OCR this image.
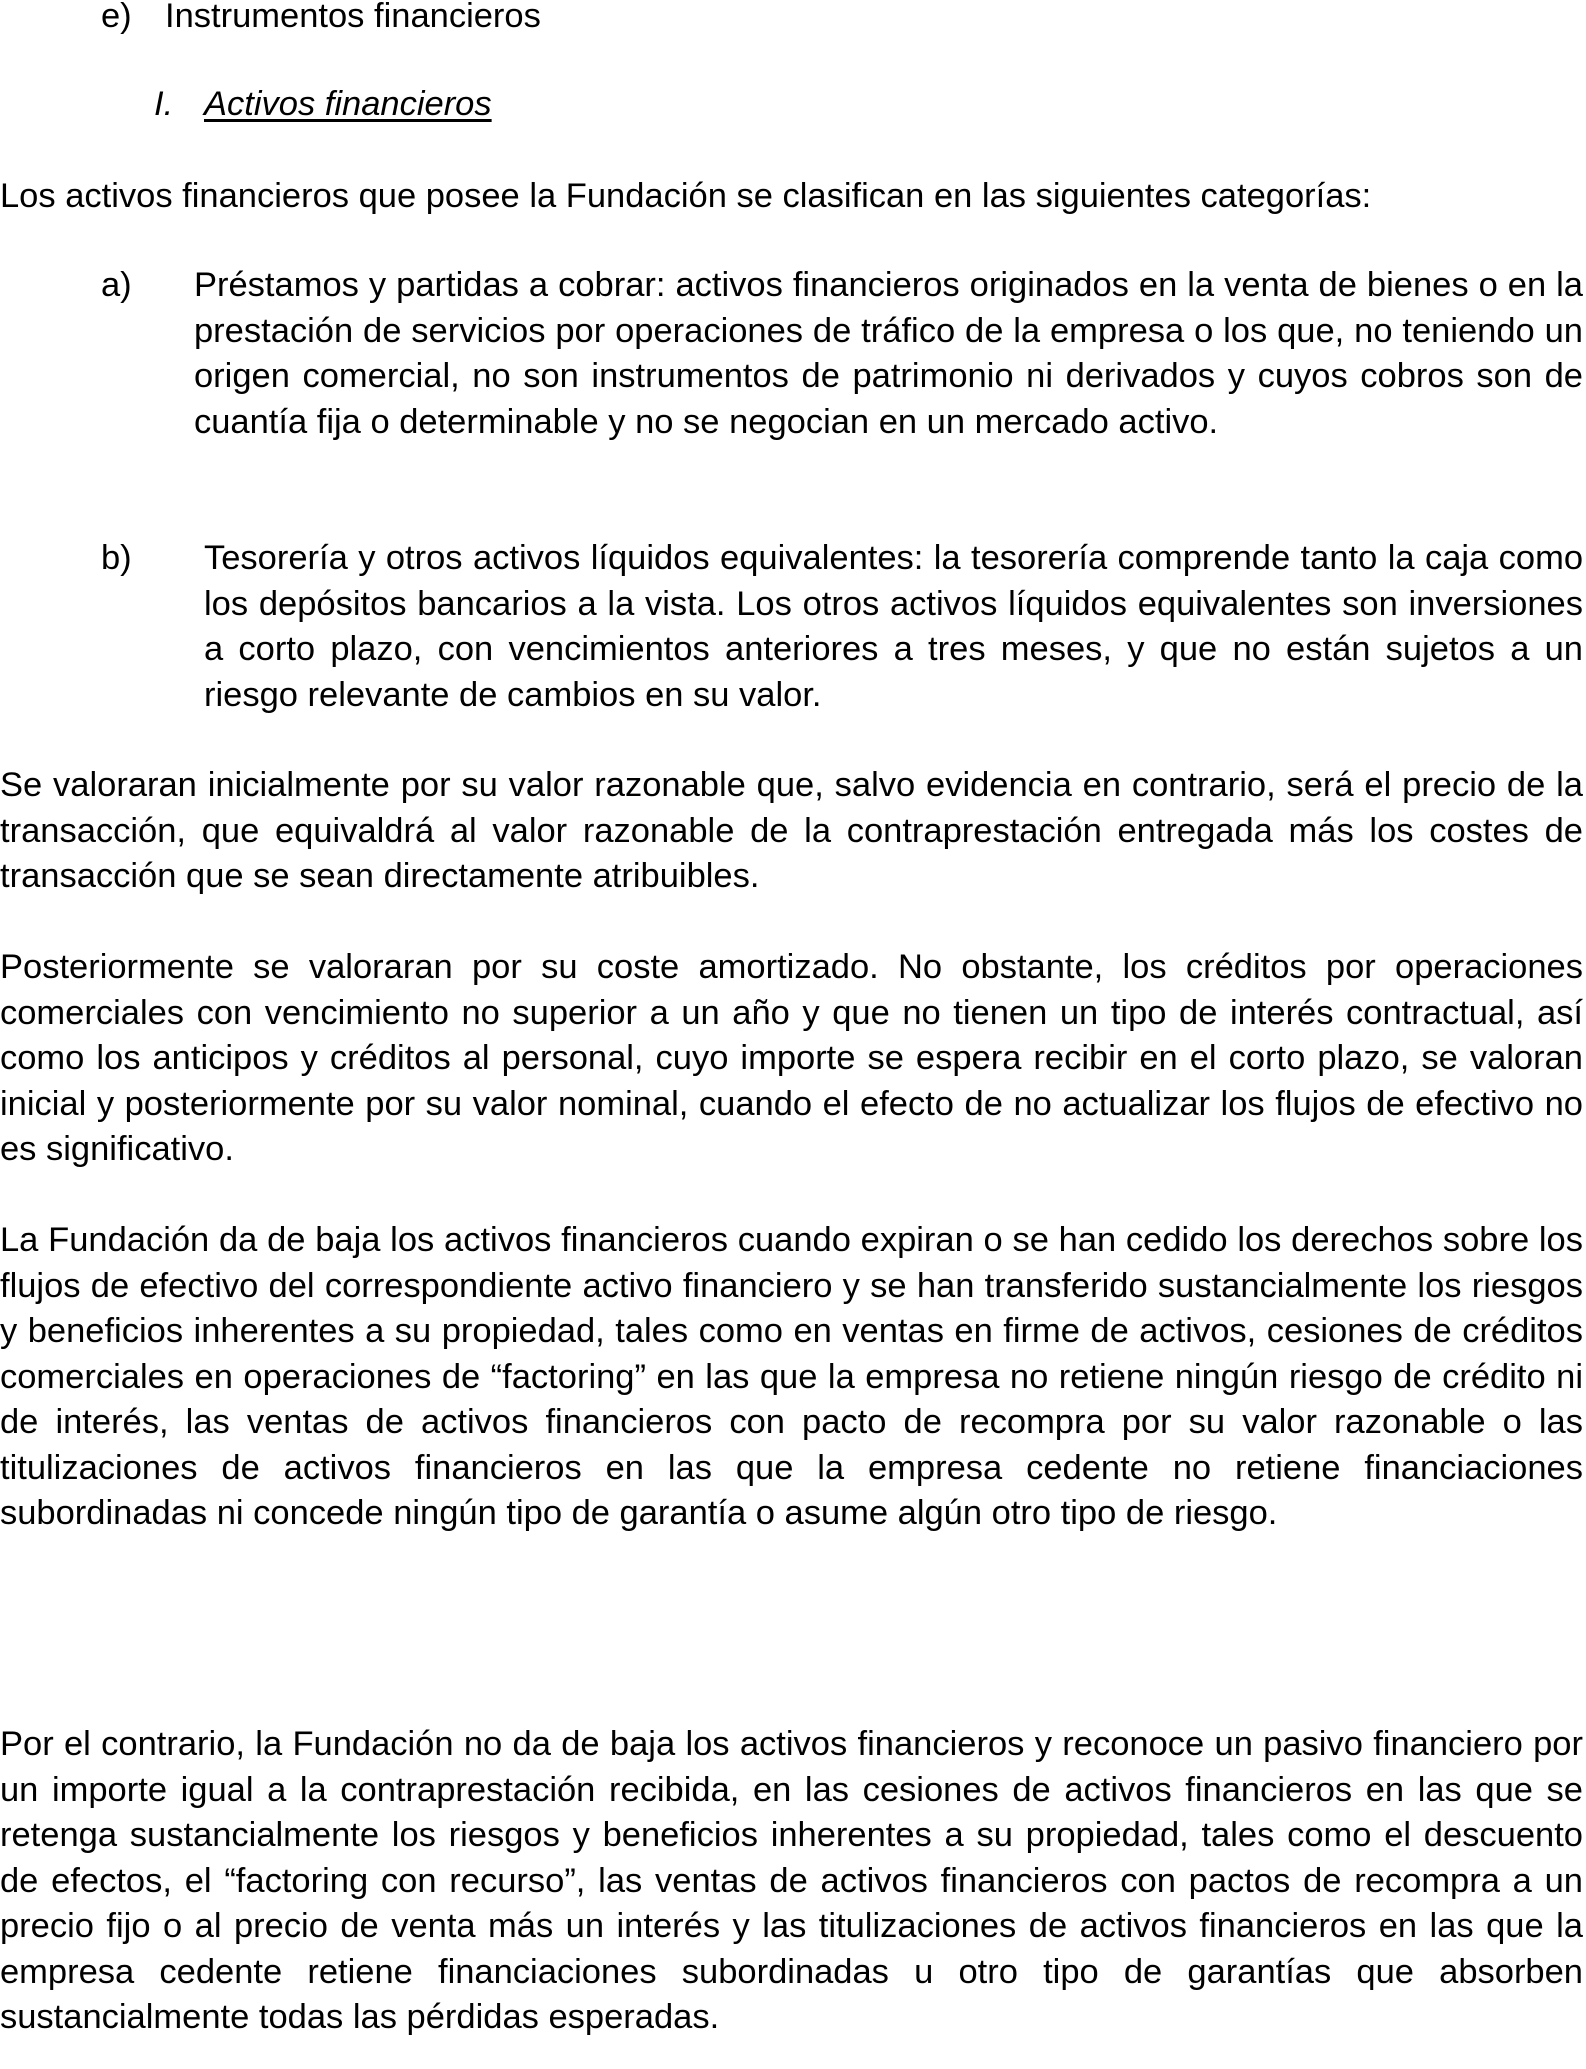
e) Instrumentos financieros
I. Activos financieros
Los activos financieros que posee la Fundación se clasifican en las siguientes categorías:
a) Préstamos y partidas a cobrar: activos financieros originados en la venta de bienes o en la prestación de servicios por operaciones de tráfico de la empresa o los que, no teniendo un origen comercial, no son instrumentos de patrimonio ni derivados y cuyos cobros son de cuantía fija o determinable y no se negocian en un mercado activo.
b) Tesorería y otros activos líquidos equivalentes: la tesorería comprende tanto la caja como los depósitos bancarios a la vista. Los otros activos líquidos equivalentes son inversiones a corto plazo, con vencimientos anteriores a tres meses, y que no están sujetos a un riesgo relevante de cambios en su valor.
Se valoraran inicialmente por su valor razonable que, salvo evidencia en contrario, será el precio de la transacción, que equivaldrá al valor razonable de la contraprestación entregada más los costes de transacción que se sean directamente atribuibles.
Posteriormente se valoraran por su coste amortizado. No obstante, los créditos por operaciones comerciales con vencimiento no superior a un año y que no tienen un tipo de interés contractual, así como los anticipos y créditos al personal, cuyo importe se espera recibir en el corto plazo, se valoran inicial y posteriormente por su valor nominal, cuando el efecto de no actualizar los flujos de efectivo no es significativo.
La Fundación da de baja los activos financieros cuando expiran o se han cedido los derechos sobre los flujos de efectivo del correspondiente activo financiero y se han transferido sustancialmente los riesgos y beneficios inherentes a su propiedad, tales como en ventas en firme de activos, cesiones de créditos comerciales en operaciones de “factoring” en las que la empresa no retiene ningún riesgo de crédito ni de interés, las ventas de activos financieros con pacto de recompra por su valor razonable o las titulizaciones de activos financieros en las que la empresa cedente no retiene financiaciones subordinadas ni concede ningún tipo de garantía o asume algún otro tipo de riesgo.
Por el contrario, la Fundación no da de baja los activos financieros y reconoce un pasivo financiero por un importe igual a la contraprestación recibida, en las cesiones de activos financieros en las que se retenga sustancialmente los riesgos y beneficios inherentes a su propiedad, tales como el descuento de efectos, el “factoring con recurso”, las ventas de activos financieros con pactos de recompra a un precio fijo o al precio de venta más un interés y las titulizaciones de activos financieros en las que la empresa cedente retiene financiaciones subordinadas u otro tipo de garantías que absorben sustancialmente todas las pérdidas esperadas.
